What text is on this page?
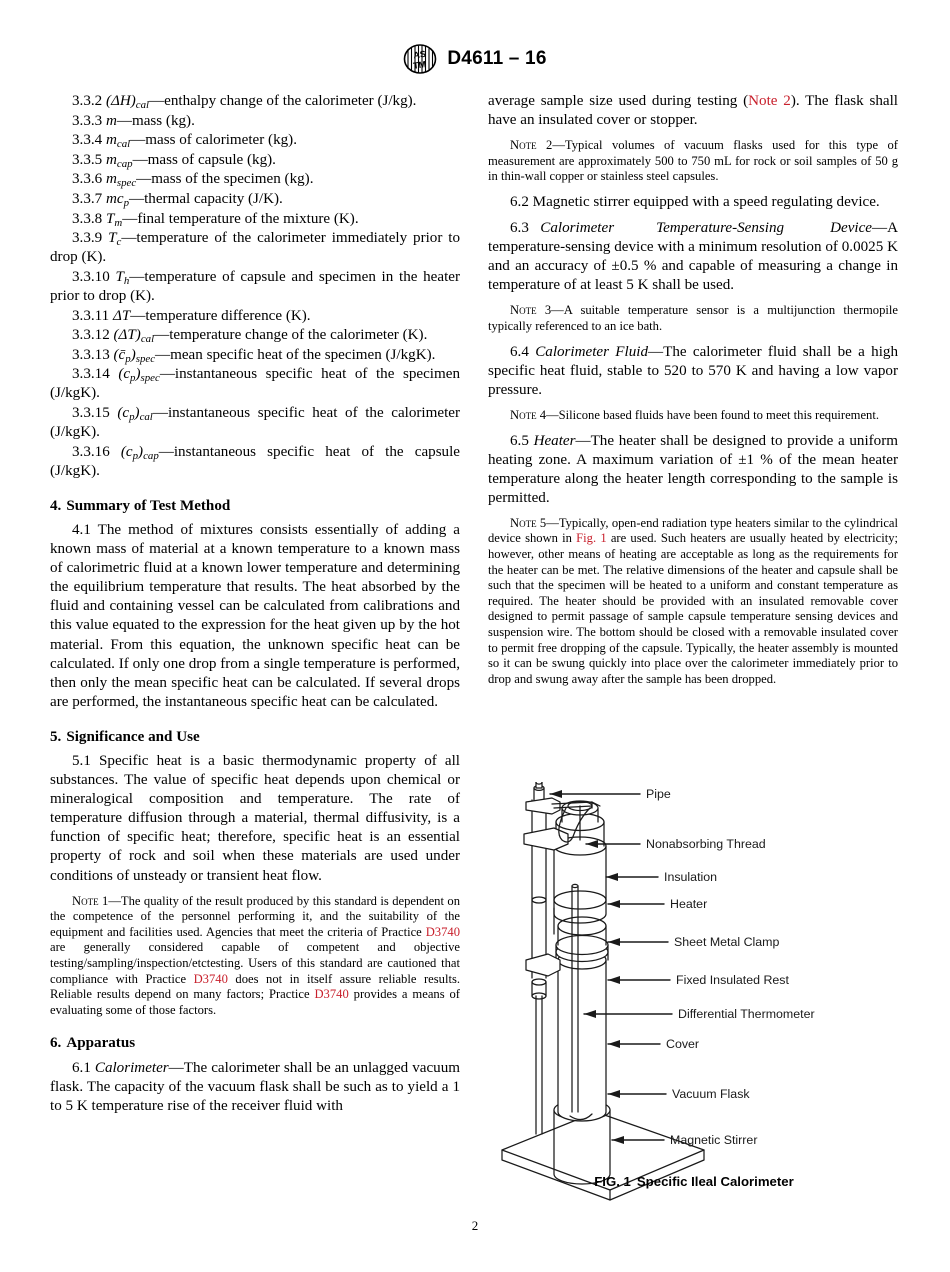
AS
TM D4611 – 16

3.3.2 $(\Delta H)_{cal}—enthalpy$ change of the calorimeter (J/kg).

3.3.3 m—mass (kg).

3.3.4 $m_{cal}—mass$ of calorimeter (kg).

3.3.5 $m_{cap}—mass$ of capsule (kg).

3.3.6 $m_{spec}—mass$ of the specimen (kg).

3.3.7 $mc_p—thermal$ capacity (J/K).

3.3.8 $T_m—final$ temperature of the mixture (K).

3.3.9 $T_c—temperature$ of the calorimeter immediately prior to drop (K).

3.3.10 $T_h—temperature$ of capsule and specimen in the heater prior to drop (K).

3.3.11 ΔT—temperature difference (K).

3.3.12 $(\Delta T)_{cal}—temperature$ change of the calorimeter (K).

3.3.13 $(c̄_p)_{spec}—mean$ specific heat of the specimen (J/kgK).

3.3.14 $(c_p)_{spec}—instantaneous$ specific heat of the specimen (J/kgK).

3.3.15 $(c_p)_{cal}—instantaneous$ specific heat of the calorimeter (J/kgK).

3.3.16 $(c_p)_{cap}—instantaneous$ specific heat of the capsule (J/kgK).

4. Summary of Test Method

4.1 The method of mixtures consists essentially of adding a known mass of material at a known temperature to a known mass of calorimetric fluid at a known lower temperature and determining the equilibrium temperature that results. The heat absorbed by the fluid and containing vessel can be calculated from calibrations and this value equated to the expression for the heat given up by the hot material. From this equation, the unknown specific heat can be calculated. If only one drop from a single temperature is performed, then only the mean specific heat can be calculated. If several drops are performed, the instantaneous specific heat can be calculated.

5. Significance and Use

5.1 Specific heat is a basic thermodynamic property of all substances. The value of specific heat depends upon chemical or mineralogical composition and temperature. The rate of temperature diffusion through a material, thermal diffusivity, is a function of specific heat; therefore, specific heat is an essential property of rock and soil when these materials are used under conditions of unsteady or transient heat flow.

Note 1—The quality of the result produced by this standard is dependent on the competence of the personnel performing it, and the suitability of the equipment and facilities used. Agencies that meet the criteria of Practice D3740 are generally considered capable of competent and objective testing/sampling/inspection/etctesting. Users of this standard are cautioned that compliance with Practice D3740 does not in itself assure reliable results. Reliable results depend on many factors; Practice D3740 provides a means of evaluating some of those factors.

6. Apparatus

6.1 Calorimeter—The calorimeter shall be an unlagged vacuum flask. The capacity of the vacuum flask shall be such as to yield a 1 to 5 K temperature rise of the receiver fluid with

average sample size used during testing (Note 2). The flask shall have an insulated cover or stopper.

Note 2—Typical volumes of vacuum flasks used for this type of measurement are approximately 500 to 750 mL for rock or soil samples of 50 g in thin-wall copper or stainless steel capsules.

6.2 Magnetic stirrer equipped with a speed regulating device.

6.3 Calorimeter	Temperature-Sensing	Device—A temperature-sensing device with a minimum resolution of 0.0025 K and an accuracy of ±0.5 % and capable of measuring a change in temperature of at least 5 K shall be used.

Note 3—A suitable temperature sensor is a multijunction thermopile typically referenced to an ice bath.

6.4 Calorimeter Fluid—The calorimeter fluid shall be a high specific heat fluid, stable to 520 to 570 K and having a low vapor pressure.

Note 4—Silicone based fluids have been found to meet this requirement.

6.5 Heater—The heater shall be designed to provide a uniform heating zone. A maximum variation of ±1 % of the mean heater temperature along the heater length corresponding to the sample is permitted.

Note 5—Typically, open-end radiation type heaters similar to the cylindrical device shown in Fig. 1 are used. Such heaters are usually heated by electricity; however, other means of heating are acceptable as long as the requirements for the heater can be met. The relative dimensions of the heater and capsule shall be such that the specimen will be heated to a uniform and constant temperature as required. The heater should be provided with an insulated removable cover designed to permit passage of sample capsule temperature sensing devices and suspension wire. The bottom should be closed with a removable insulated cover to permit free dropping of the capsule. Typically, the heater assembly is mounted so it can be swung quickly into place over the calorimeter immediately prior to drop and swung away after the sample has been dropped.

Pipe
Nonabsorbing Thread
Insulation
Heater
Sheet Metal Clamp
Fixed Insulated Rest
Differential Thermometer
Cover
Vacuum Flask
Magnetic Stirrer
FIG. 1 Specific Ileal Calorimeter
2
